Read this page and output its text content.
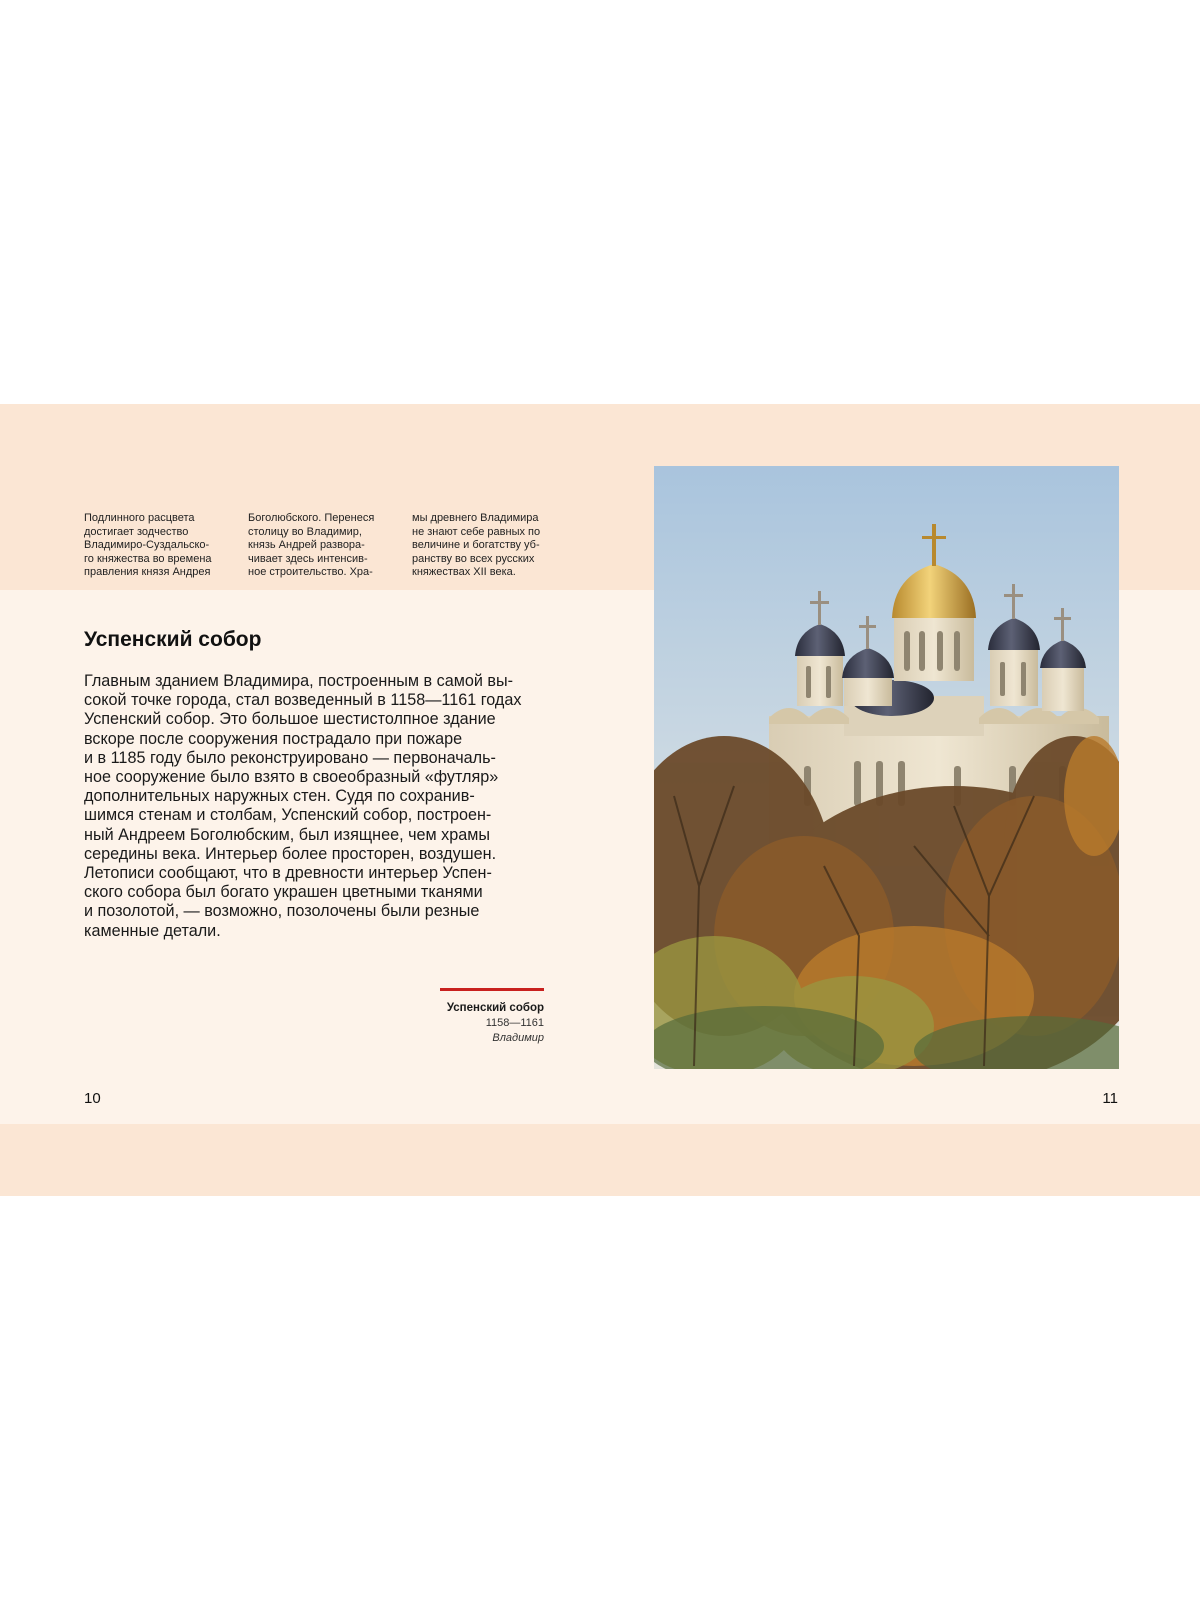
Подлинного расцвета
достигает зодчество
Владимиро-Суздальско-
го княжества во времена
правления князя Андрея
Боголюбского. Перенеся
столицу во Владимир,
князь Андрей развора-
чивает здесь интенсив-
ное строительство. Хра-
мы древнего Владимира
не знают себе равных по
величине и богатству уб-
ранству во всех русских
княжествах XII века.
Успенский собор

Главным зданием Владимира, построенным в самой вы-
сокой точке города, стал возведенный в 1158—1161 годах
Успенский собор. Это большое шестистолпное здание
вскоре после сооружения пострадало при пожаре
и в 1185 году было реконструировано — первоначаль-
ное сооружение было взято в своеобразный «футляр»
дополнительных наружных стен. Судя по сохранив-
шимся стенам и столбам, Успенский собор, построен-
ный Андреем Боголюбским, был изящнее, чем храмы
середины века. Интерьер более просторен, воздушен.
Летописи сообщают, что в древности интерьер Успен-
ского собора был богато украшен цветными тканями
и позолотой, — возможно, позолочены были резные
каменные детали.

Успенский собор
1158—1161
Владимир
10	11
